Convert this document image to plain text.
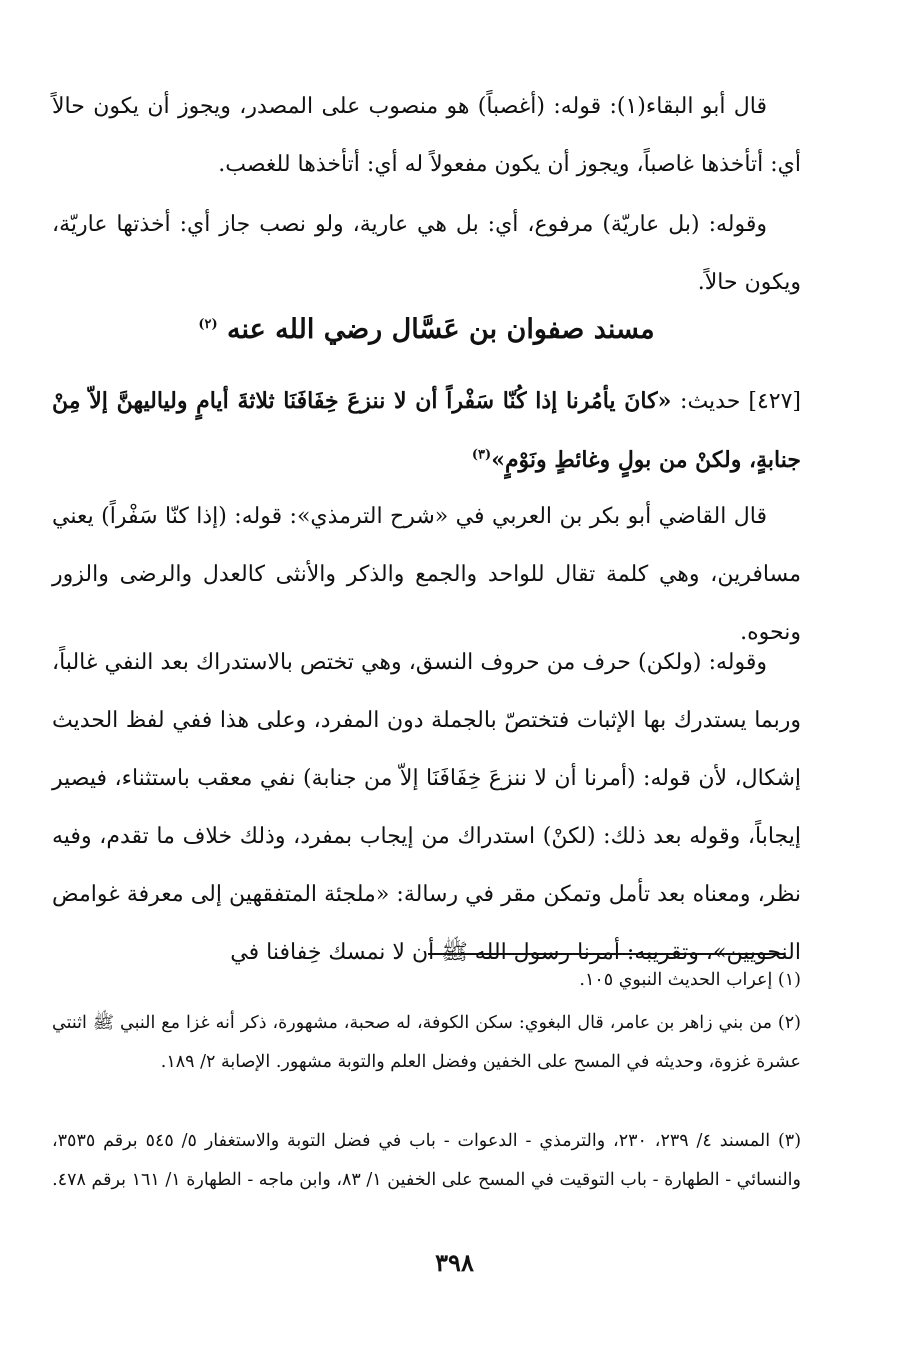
قال أبو البقاء(١): قوله: (أغصباً) هو منصوب على المصدر، ويجوز أن يكون حالاً أي: أتأخذها غاصباً، ويجوز أن يكون مفعولاً له أي: أتأخذها للغصب.
وقوله: (بل عاريّة) مرفوع، أي: بل هي عارية، ولو نصب جاز أي: أخذتها عاريّة، ويكون حالاً.
مسند صفوان بن عَسَّال رضي الله عنه $^{(٢)}$
[٤٢٧] حديث: «كانَ يأمُرنا إذا كُنّا سَفْراً أن لا ننزعَ خِفَافَنَا ثلاثةَ أيامٍ ولياليهنَّ إلاّ مِنْ جنابةٍ، ولكنْ من بولٍ وغائطٍ ونَوْمٍ»$^{(٣)}$
قال القاضي أبو بكر بن العربي في «شرح الترمذي»: قوله: (إذا كنّا سَفْراً) يعني مسافرين، وهي كلمة تقال للواحد والجمع والذكر والأنثى كالعدل والرضى والزور ونحوه.
وقوله: (ولكن) حرف من حروف النسق، وهي تختص بالاستدراك بعد النفي غالباً، وربما يستدرك بها الإثبات فتختصّ بالجملة دون المفرد، وعلى هذا ففي لفظ الحديث إشكال، لأن قوله: (أمرنا أن لا ننزعَ خِفَافَنَا إلاّ من جنابة) نفي معقب باستثناء، فيصير إيجاباً، وقوله بعد ذلك: (لكنْ) استدراك من إيجاب بمفرد، وذلك خلاف ما تقدم، وفيه نظر، ومعناه بعد تأمل وتمكن مقر في رسالة: «ملجئة المتفقهين إلى معرفة غوامض النحويين»، وتقريبه: أمرنا رسول الله ﷺ أن لا نمسك خِفافنا في
(١) إعراب الحديث النبوي ١٠٥.
(٢) من بني زاهر بن عامر، قال البغوي: سكن الكوفة، له صحبة، مشهورة، ذكر أنه غزا مع النبي ﷺ اثنتي عشرة غزوة، وحديثه في المسح على الخفين وفضل العلم والتوبة مشهور. الإصابة ٢/ ١٨٩.
(٣) المسند ٤/ ٢٣٩، ٢٣٠، والترمذي - الدعوات - باب في فضل التوبة والاستغفار ٥/ ٥٤٥ برقم ٣٥٣٥، والنسائي - الطهارة - باب التوقيت في المسح على الخفين ١/ ٨٣، وابن ماجه - الطهارة ١/ ١٦١ برقم ٤٧٨.
٣٩٨
